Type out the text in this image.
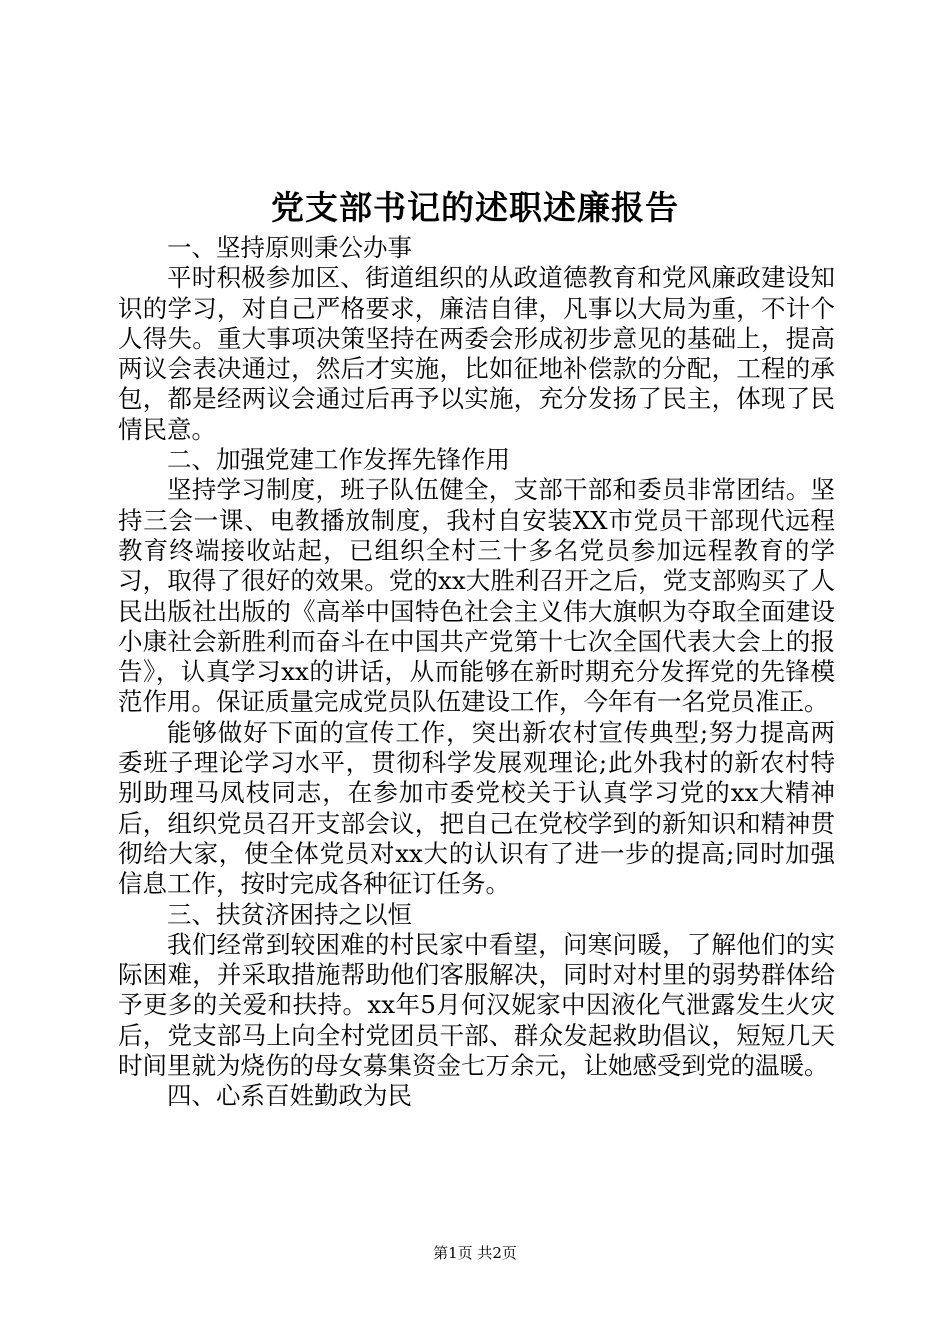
党支部书记的述职述廉报告

一、坚持原则秉公办事

平时积极参加区、街道组织的从政道德教育和党风廉政建设知识的学习，对自己严格要求，廉洁自律，凡事以大局为重，不计个人得失。重大事项决策坚持在两委会形成初步意见的基础上，提高两议会表决通过，然后才实施，比如征地补偿款的分配，工程的承包，都是经两议会通过后再予以实施，充分发扬了民主，体现了民情民意。

二、加强党建工作发挥先锋作用

坚持学习制度，班子队伍健全，支部干部和委员非常团结。坚持三会一课、电教播放制度，我村自安装XX市党员干部现代远程教育终端接收站起，已组织全村三十多名党员参加远程教育的学习，取得了很好的效果。党的xx大胜利召开之后，党支部购买了人民出版社出版的《高举中国特色社会主义伟大旗帜为夺取全面建设小康社会新胜利而奋斗在中国共产党第十七次全国代表大会上的报告》，认真学习xx的讲话，从而能够在新时期充分发挥党的先锋模范作用。保证质量完成党员队伍建设工作，今年有一名党员准正。

能够做好下面的宣传工作，突出新农村宣传典型;努力提高两委班子理论学习水平，贯彻科学发展观理论;此外我村的新农村特别助理马凤枝同志，在参加市委党校关于认真学习党的xx大精神后，组织党员召开支部会议，把自己在党校学到的新知识和精神贯彻给大家，使全体党员对xx大的认识有了进一步的提高;同时加强信息工作，按时完成各种征订任务。

三、扶贫济困持之以恒

我们经常到较困难的村民家中看望，问寒问暖，了解他们的实际困难，并采取措施帮助他们客服解决，同时对村里的弱势群体给予更多的关爱和扶持。xx年5月何汉妮家中因液化气泄露发生火灾后，党支部马上向全村党团员干部、群众发起救助倡议，短短几天时间里就为烧伤的母女募集资金七万余元，让她感受到党的温暖。

四、心系百姓勤政为民

第1页 共2页
